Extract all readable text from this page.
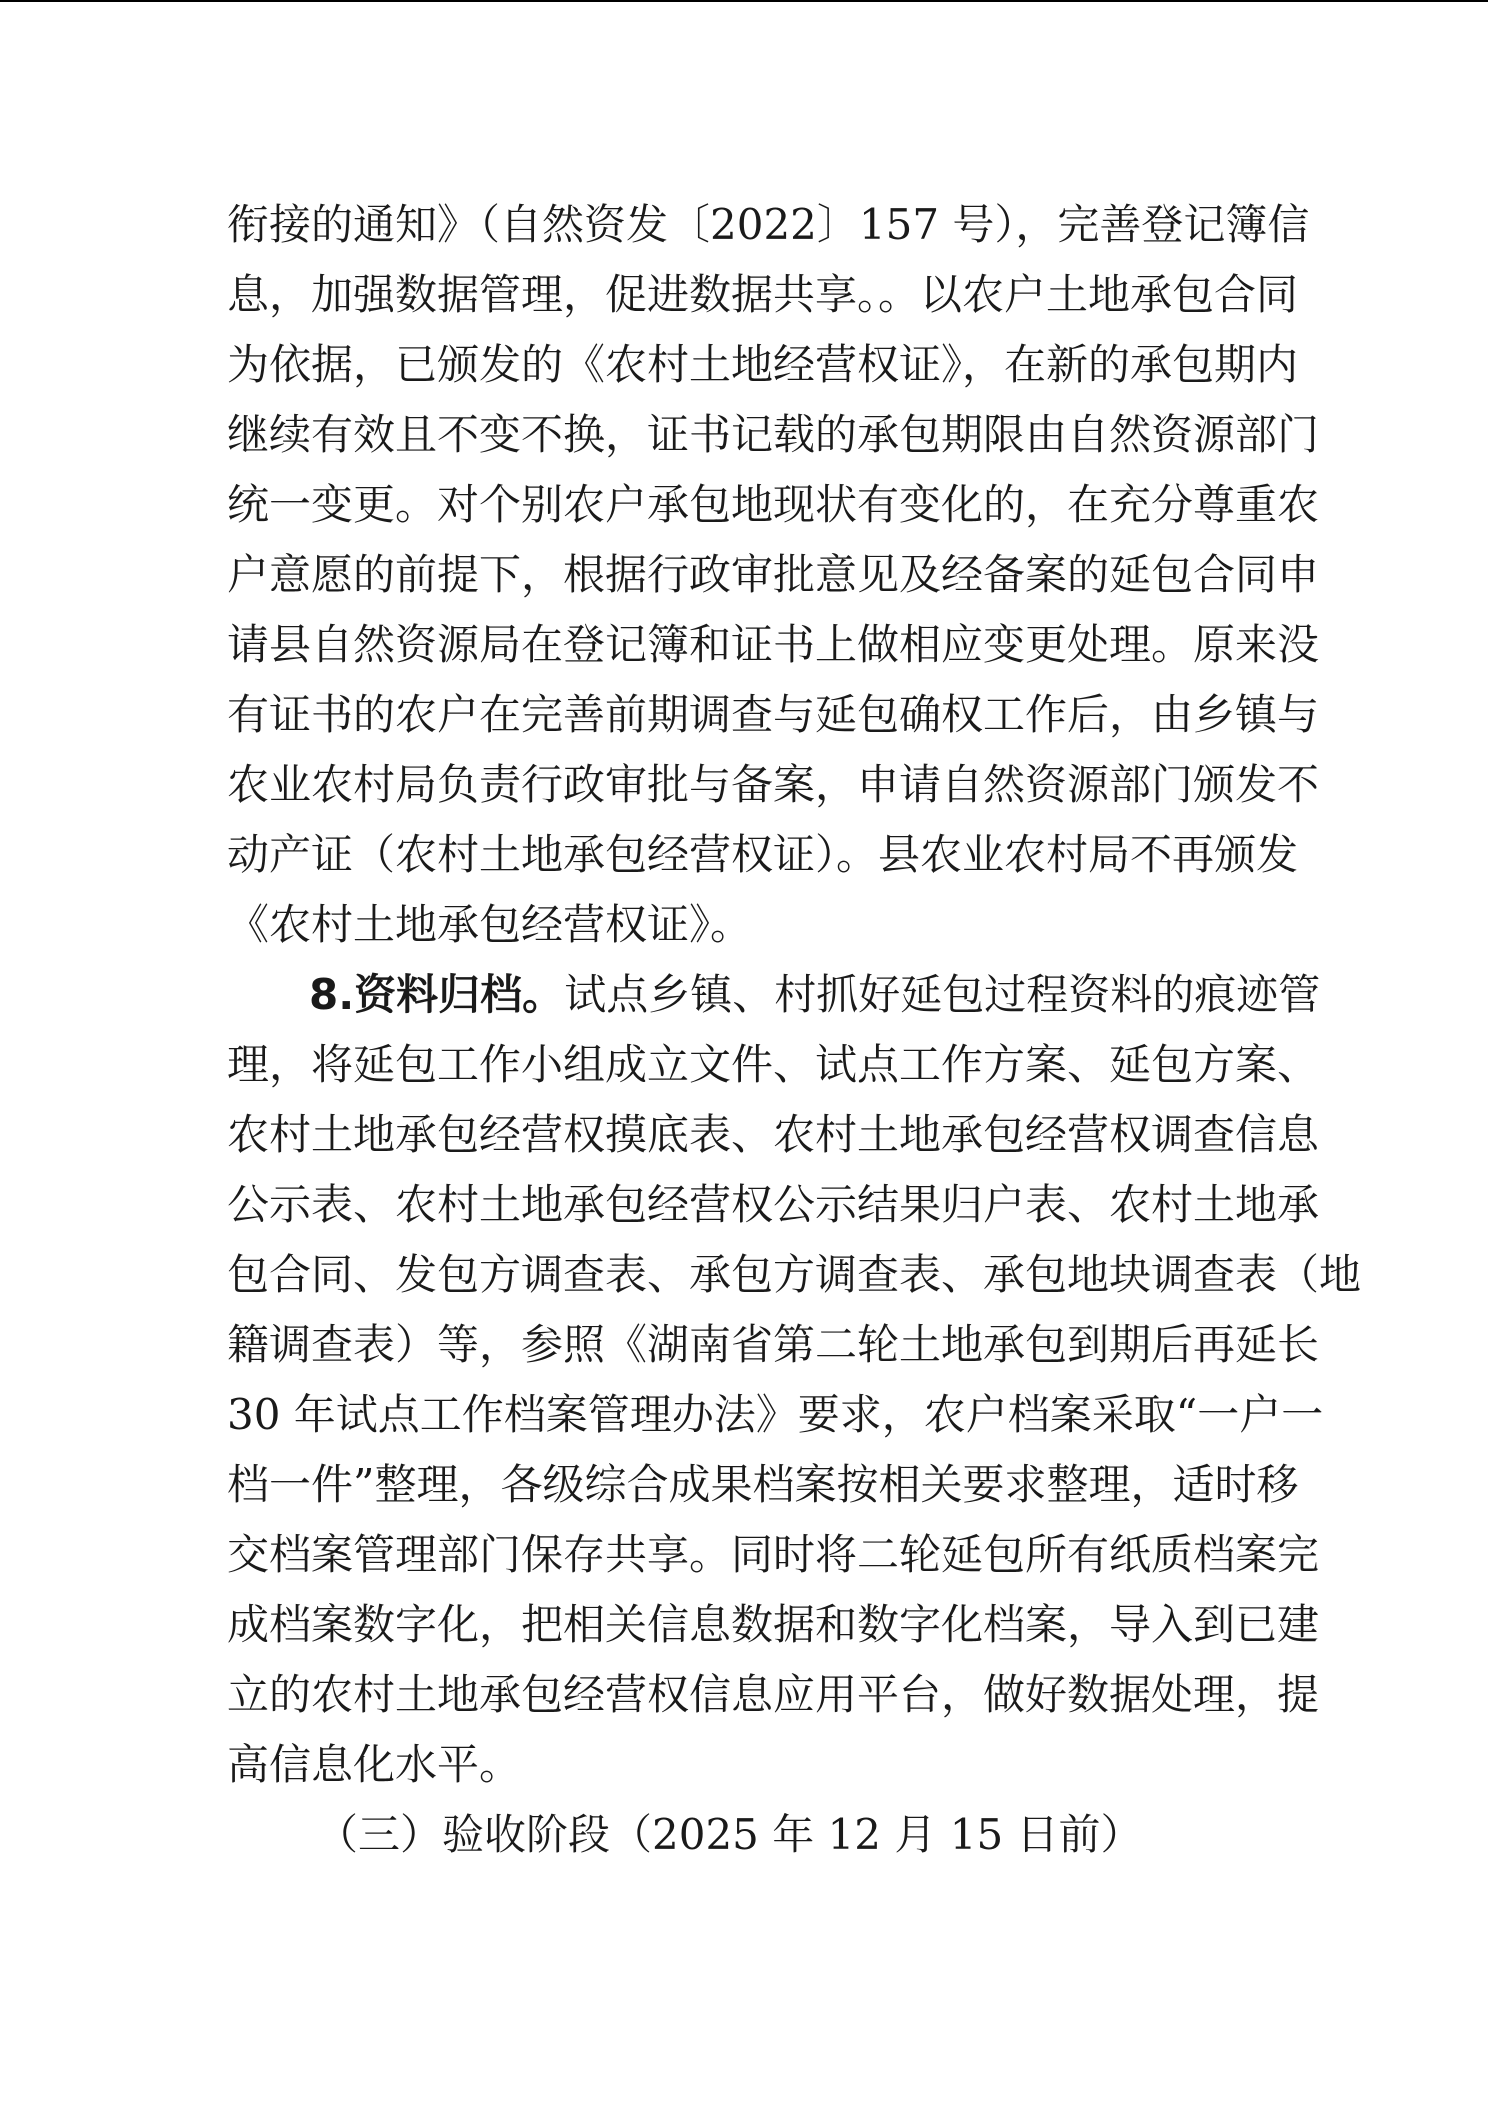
衔接的通知》（自然资发〔2022〕157 号），完善登记簿信
息，加强数据管理，促进数据共享。。以农户土地承包合同
为依据，已颁发的《农村土地经营权证》，在新的承包期内
继续有效且不变不换，证书记载的承包期限由自然资源部门
统一变更。对个别农户承包地现状有变化的，在充分尊重农
户意愿的前提下，根据行政审批意见及经备案的延包合同申
请县自然资源局在登记簿和证书上做相应变更处理。原来没
有证书的农户在完善前期调查与延包确权工作后，由乡镇与
农业农村局负责行政审批与备案，申请自然资源部门颁发不
动产证（农村土地承包经营权证）。县农业农村局不再颁发
《农村土地承包经营权证》。
8.资料归档。试点乡镇、村抓好延包过程资料的痕迹管
理，将延包工作小组成立文件、试点工作方案、延包方案、
农村土地承包经营权摸底表、农村土地承包经营权调查信息
公示表、农村土地承包经营权公示结果归户表、农村土地承
包合同、发包方调查表、承包方调查表、承包地块调查表（地
籍调查表）等，参照《湖南省第二轮土地承包到期后再延长
30 年试点工作档案管理办法》要求，农户档案采取“一户一
档一件”整理，各级综合成果档案按相关要求整理，适时移
交档案管理部门保存共享。同时将二轮延包所有纸质档案完
成档案数字化，把相关信息数据和数字化档案，导入到已建
立的农村土地承包经营权信息应用平台，做好数据处理，提
高信息化水平。
（三）验收阶段（2025 年 12 月 15 日前）
